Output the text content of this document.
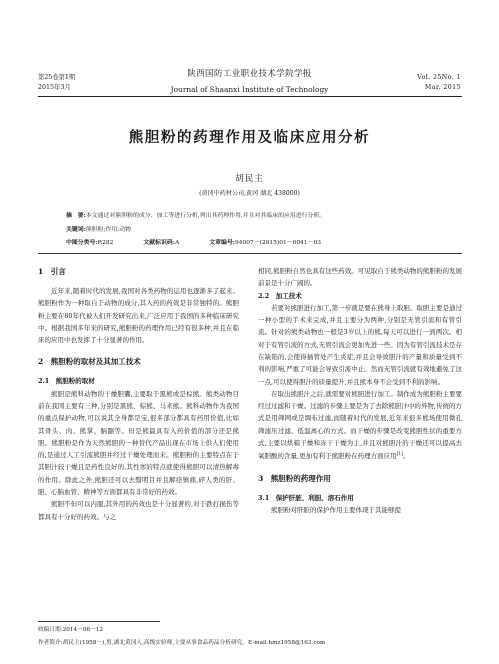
第25卷第1期
2015年3月
陕西国防工业职业技术学院学报
Journal of Shaanxi Institute of Technology
Vol. 25No. 1
Mar. 2015
熊胆粉的药理作用及临床应用分析
胡民主
(黄冈中药材公司,黄冈 湖北 438000)
摘　要:本文通过对熊胆粉的成分、加工等进行分析,列出其药理作用,并且对其临床的应用进行分析。
关键词:熊胆粉;作用;动物
中图分类号:R282	文献标识码:A	文章编号:94007－(2015)01－0041－03
1　引言

近年来,随着时代的发展,我国对各类药物的运用也逐渐多了起来。熊胆粉作为一种取自于动物的成分,其入药的药效是非常独特的。熊胆粉主要在80年代被人们开发研究出来,广泛应用于我国的多种临床研究中。根据我国多年来的研究,熊胆粉的药理作用已经有很多种,并且在临床的应用中也发挥了十分显著的作用。

2　熊胆粉的取材及其加工技术

2.1　熊胆粉的取材

熊胆是熊科动物的干燥胆囊,主要取于黑熊或是棕熊。熊类动物目前在我国主要有三种,分别是黑熊、棕熊、马来熊。熊科动物作为我国的重点保护动物,可以说其全身都是宝,很多部分都具有药用价值,比如其骨头、肉、熊掌、脑髓等。但是熊最具有入药价值的部分还是熊胆。熊胆粉是作为天然熊胆的一种替代产品出现在市场上供人们使用的,是通过人工引流熊胆并经过干燥处理而来。熊胆粉的主要特点在于其胆汁较干燥且是药性良好的,其性寒的特点就使得熊胆可以清热解毒的作用。除此之外,熊胆还可以去翳明目并且解痉镇痛,碎人类的肝、胆、心脑血管、精神等方面都具有非常好的药效。

熊胆不但可以内服,其外用的药效也是十分显著的,对于跌打损伤等都具有十分好的药效。与之

相同,熊胆粉自然也具有这些药效。可见取自于熊类动物的熊胆粉的发展前景是十分广阔的。

2.2　加工技术

若要对熊胆进行加工,第一步就是要在熊身上取胆。取胆主要是通过一种小型的手术来完成,并且主要分为两种,分别是无管引流和有管引流。针对的熊类动物也一般是3岁以上的熊,每天可以进行一到两次。相对于有管引流的方式,无管引流会更加先进一些。因为有管引流技术是存在缺陷的,会使得插管处产生炎症,并且会导致胆汁的产量和质量受到不利的影响,严重了可能会导致引流中止。然而无管引流就有效地避免了这一点,可以使得胆汁的质量提升,并且熊本身不会受到不利的影响。

在取出熊胆汁之后,就需要对熊胆进行加工。制作成为熊胆粉主要要经过过滤和干燥。过滤的步骤主要是为了去除熊胆汁中的异物,传统的方式是用筛网或是绸布过滤,而随着时代的发展,近年来很多熊场使用微孔筛滤压过滤、低温离心的方式。而干燥的步骤是改变熊胆性状的重要方式,主要以烘箱干燥和冻干干燥为主,并且对熊胆汁的干燥还可以提高去氧胆酸的含量,更加有利于熊胆粉在药理方面应用[1]。

3　熊胆粉的药理作用

3.1　保护肝脏、利胆、溶石作用

熊胆粉对肝脏的保护作用主要体现于其能够提

收稿日期:2014－06－12
作者简介:胡民主(1958－),男,湖北黄冈人,高级实验师,主要从事食品药品分析研究。E-mail hmz1958@163.com
